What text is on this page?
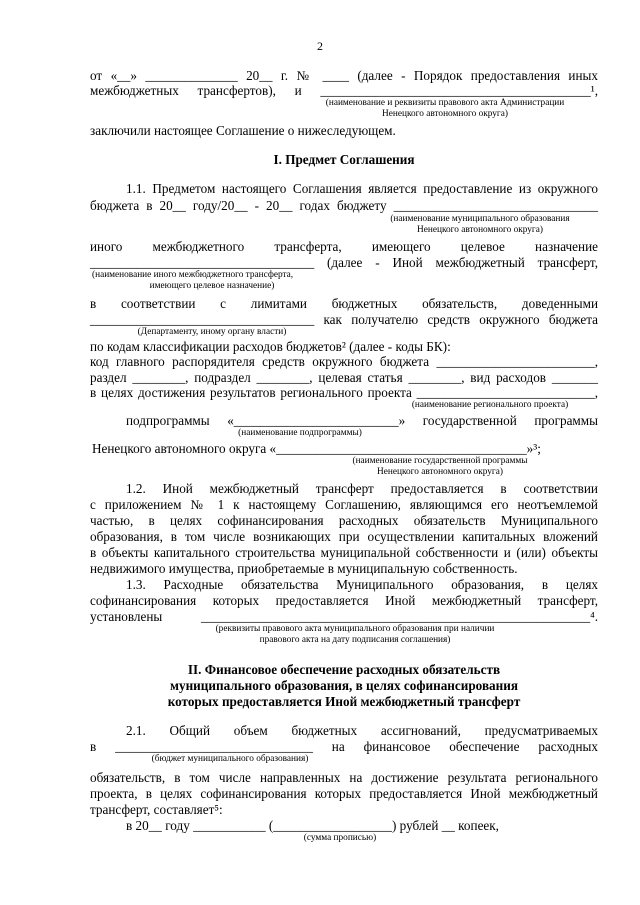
2
от «__» ______________ 20__ г. № ____ (далее - Порядок предоставления иных
межбюджетных трансфертов), и _________________________________________¹,
(наименование и реквизиты правового акта Администрации
Ненецкого автономного округа)
заключили настоящее Соглашение о нижеследующем.
I. Предмет Соглашения
1.1. Предметом настоящего Соглашения является предоставление из окружного
бюджета в 20__ году/20__ - 20__ годах бюджету _______________________________
(наименование муниципального образования
Ненецкого автономного округа)
иного межбюджетного трансферта, имеющего целевое назначение
__________________________________ (далее - Иной межбюджетный трансферт,
(наименование иного межбюджетного трансферта,
имеющего целевое назначение)
в соответствии с лимитами бюджетных обязательств, доведенными
__________________________________ как получателю средств окружного бюджета
(Департаменту, иному органу власти)
по кодам классификации расходов бюджетов² (далее - коды БК):
код главного распорядителя средств окружного бюджета ________________________,
раздел ________, подраздел ________, целевая статья ________, вид расходов _______
в целях достижения результатов регионального проекта ___________________________,
(наименование регионального проекта)
подпрограммы «_________________________» государственной программы
(наименование подпрограммы)
Ненецкого автономного округа «______________________________________»³;
(наименование государственной программы
Ненецкого автономного округа)
1.2. Иной межбюджетный трансферт предоставляется в соответствии
с приложением № 1 к настоящему Соглашению, являющимся его неотъемлемой
частью, в целях софинансирования расходных обязательств Муниципального
образования, в том числе возникающих при осуществлении капитальных вложений
в объекты капитального строительства муниципальной собственности и (или) объекты
недвижимого имущества, приобретаемые в муниципальную собственность.
1.3. Расходные обязательства Муниципального образования, в целях
софинансирования которых предоставляется Иной межбюджетный трансферт,
установлены ___________________________________________________________⁴.
(реквизиты правового акта муниципального образования при наличии
правового акта на дату подписания соглашения)
II. Финансовое обеспечение расходных обязательств
муниципального образования, в целях софинансирования
которых предоставляется Иной межбюджетный трансферт
2.1. Общий объем бюджетных ассигнований, предусматриваемых
в ______________________________ на финансовое обеспечение расходных
(бюджет муниципального образования)
обязательств, в том числе направленных на достижение результата регионального
проекта, в целях софинансирования которых предоставляется Иной межбюджетный
трансферт, составляет⁵:
в 20__ году ___________ (__________________) рублей __ копеек,
(сумма прописью)
